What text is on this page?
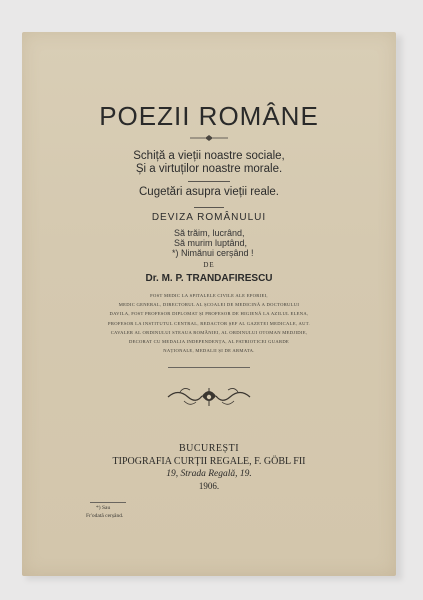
POEZII ROMÂNE
Schiță a vieții noastre sociale,
Și a virtuților noastre morale.
Cugetări asupra vieții reale.
DEVIZA ROMÂNULUI
Să trăim, lucrând,
Să murim luptând,
*) Nimănui cerșând !
DE
Dr. M. P. TRANDAFIRESCU
FOST MEDIC LA SPITALELE CIVILE ALE EFORIEI,
MEDIC GENERAL, DIRECTORUL AL ȘCOALEI DE MEDICINĂ A DOCTORULUI
DAVILA, FOST PROFESOR DIPLOMAT ȘI PROFESOR DE HIGIENĂ LA AZILUL ELENA,
PROFESOR LA INSTITUTUL CENTRAL, REDACTOR ȘEF AL GAZETEI MEDICALE, AUT.
CAVALER AL ORDINULUI STEAUA ROMÂNIEI, AL ORDINULUI OTOMAN MEDJIDIE,
DECORAT CU MEDALIA INDEPENDENȚA, AL PATRIOTICEI GUARDE
NAȚIONALE, MEDALII ȘI DE ARMATA.
BUCUREȘTI
TIPOGRAFIA CURȚII REGALE, F. GÖBL FII
19, Strada Regală, 19.
1906.
*) Sau
Fr'odată cerșând.
